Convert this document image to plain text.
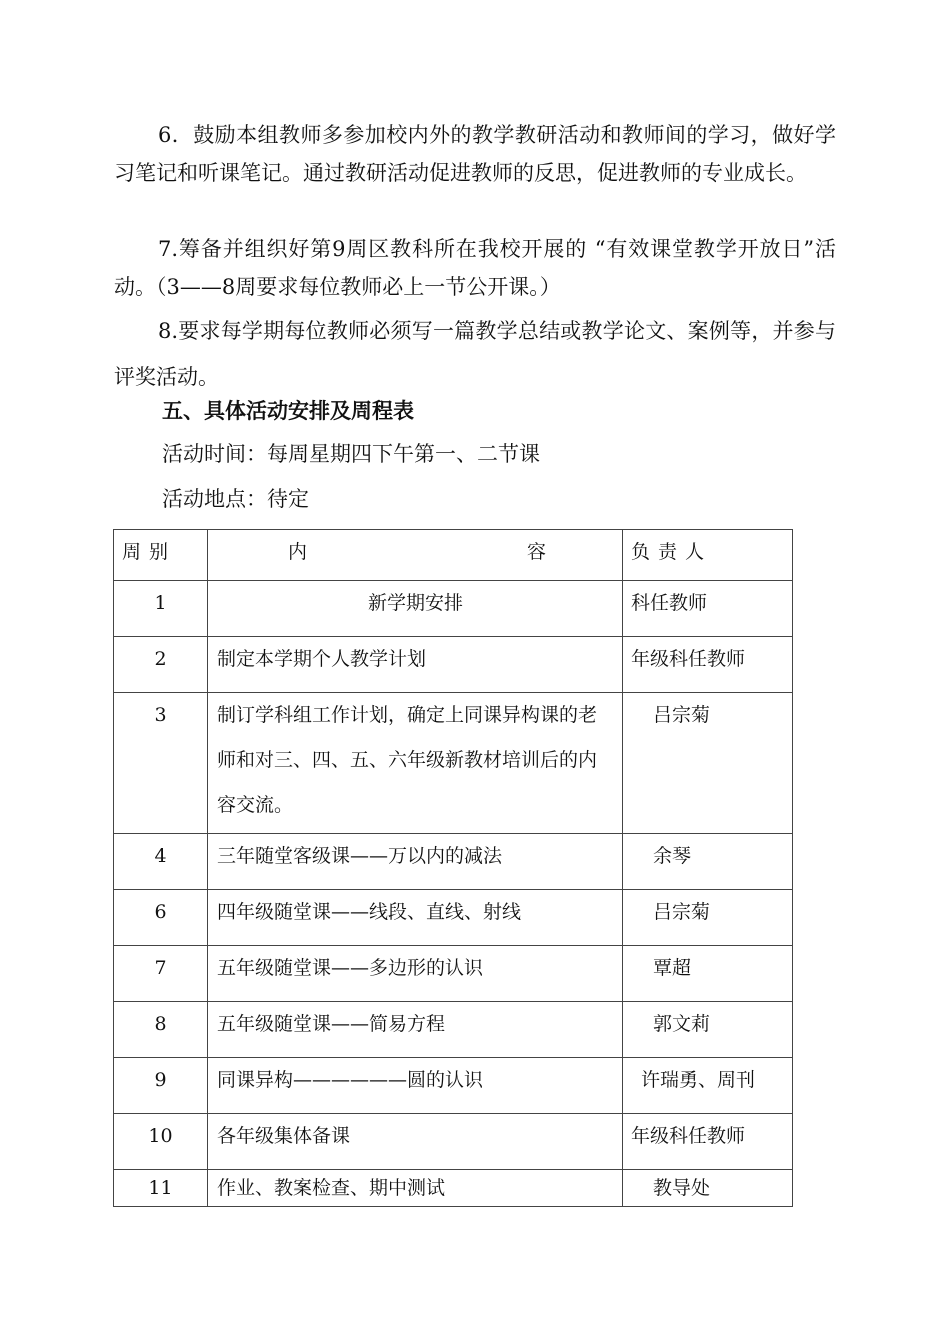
6．鼓励本组教师多参加校内外的教学教研活动和教师间的学习，做好学习笔记和听课笔记。通过教研活动促进教师的反思，促进教师的专业成长。

7.筹备并组织好第9周区教科所在我校开展的 “有效课堂教学开放日”活动。（3——8周要求每位教师必上一节公开课。）

8.要求每学期每位教师必须写一篇教学总结或教学论文、案例等，并参与评奖活动。

五、具体活动安排及周程表
活动时间：每周星期四下午第一、二节课
活动地点：待定
周别	内 容	负责人

1	新学期安排	科任教师

2	制定本学期个人教学计划	年级科任教师

3	制订学科组工作计划，确定上同课异构课的老师和对三、四、五、六年级新教材培训后的内容交流。	吕宗菊

4	三年随堂客级课——万以内的减法	余琴

6	四年级随堂课——线段、直线、射线	吕宗菊

7	五年级随堂课——多边形的认识	覃超

8	五年级随堂课——简易方程	郭文莉

9	同课异构——————圆的认识	许瑞勇、周刊

10	各年级集体备课	年级科任教师

11	作业、教案检查、期中测试	教导处
